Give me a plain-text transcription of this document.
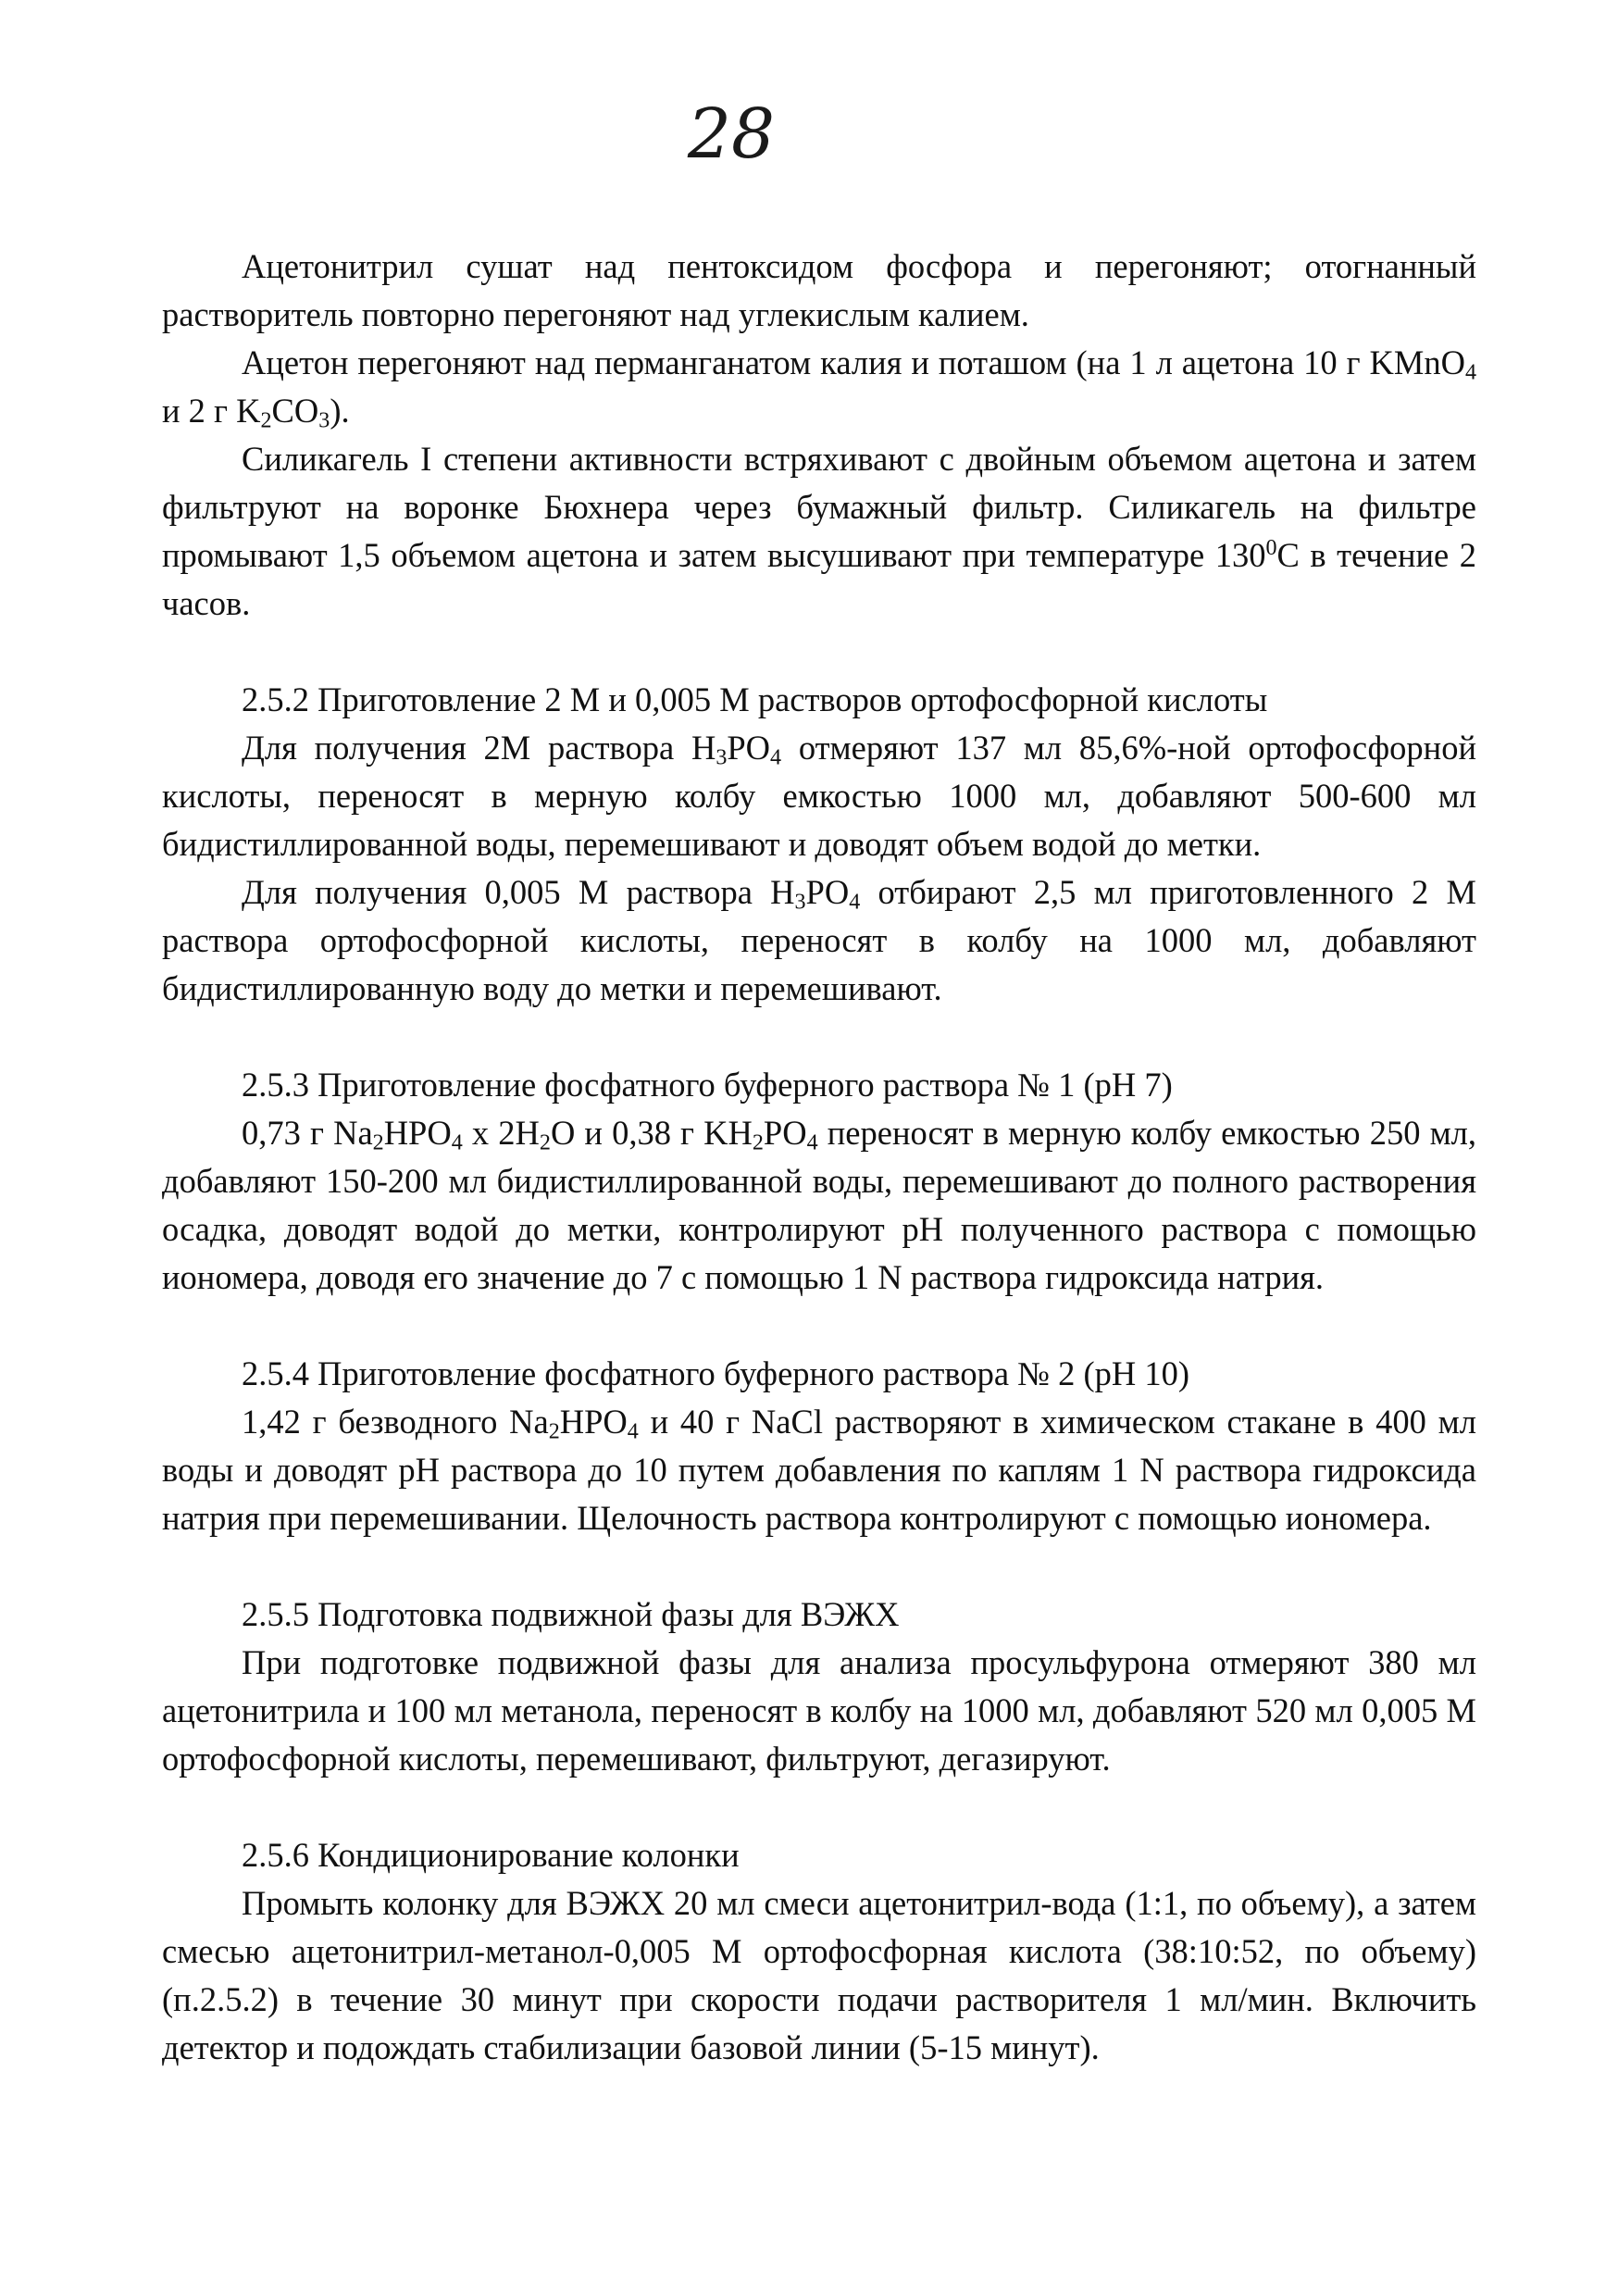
28

Ацетонитрил сушат над пентоксидом фосфора и перегоняют; отогнанный растворитель повторно перегоняют над углекислым калием.

Ацетон перегоняют над перманганатом калия и поташом (на 1 л ацетона 10 г KMnO$_4$ и 2 г $K_2CO_3$).

Силикагель I степени активности встряхивают с двойным объемом ацетона и затем фильтруют на воронке Бюхнера через бумажный фильтр. Силикагель на фильтре промывают 1,5 объемом ацетона и затем высушивают при температуре $130^0С$ в течение 2 часов.

2.5.2 Приготовление 2 М и 0,005 М растворов ортофосфорной кислоты

Для получения 2М раствора $H_3PO_4$ отмеряют 137 мл 85,6%-ной ортофосфорной кислоты, переносят в мерную колбу емкостью 1000 мл, добавляют 500-600 мл бидистиллированной воды, перемешивают и доводят объем водой до метки.

Для получения 0,005 М раствора $H_3PO_4$ отбирают 2,5 мл приготовленного 2 М раствора ортофосфорной кислоты, переносят в колбу на 1000 мл, добавляют бидистиллированную воду до метки и перемешивают.

2.5.3 Приготовление фосфатного буферного раствора № 1 (pH 7)

0,73 г $Na_2HPO_4$ x $2H_2O$ и 0,38 г $KH_2PO_4$ переносят в мерную колбу емкостью 250 мл, добавляют 150-200 мл бидистиллированной воды, перемешивают до полного растворения осадка, доводят водой до метки, контролируют pH полученного раствора с помощью иономера, доводя его значение до 7 с помощью 1 N раствора гидроксида натрия.

2.5.4 Приготовление фосфатного буферного раствора № 2 (pH 10)

1,42 г безводного $Na_2HPO_4$ и 40 г NaCl растворяют в химическом стакане в 400 мл воды и доводят pH раствора до 10 путем добавления по каплям 1 N раствора гидроксида натрия при перемешивании. Щелочность раствора контролируют с помощью иономера.

2.5.5 Подготовка подвижной фазы для ВЭЖХ

При подготовке подвижной фазы для анализа просульфурона отмеряют 380 мл ацетонитрила и 100 мл метанола, переносят в колбу на 1000 мл, добавляют 520 мл 0,005 М ортофосфорной кислоты, перемешивают, фильтруют, дегазируют.

2.5.6 Кондиционирование колонки

Промыть колонку для ВЭЖХ 20 мл смеси ацетонитрил-вода (1:1, по объему), а затем смесью ацетонитрил-метанол-0,005 М ортофосфорная кислота (38:10:52, по объему) (п.2.5.2) в течение 30 минут при скорости подачи растворителя 1 мл/мин. Включить детектор и подождать стабилизации базовой линии (5-15 минут).
